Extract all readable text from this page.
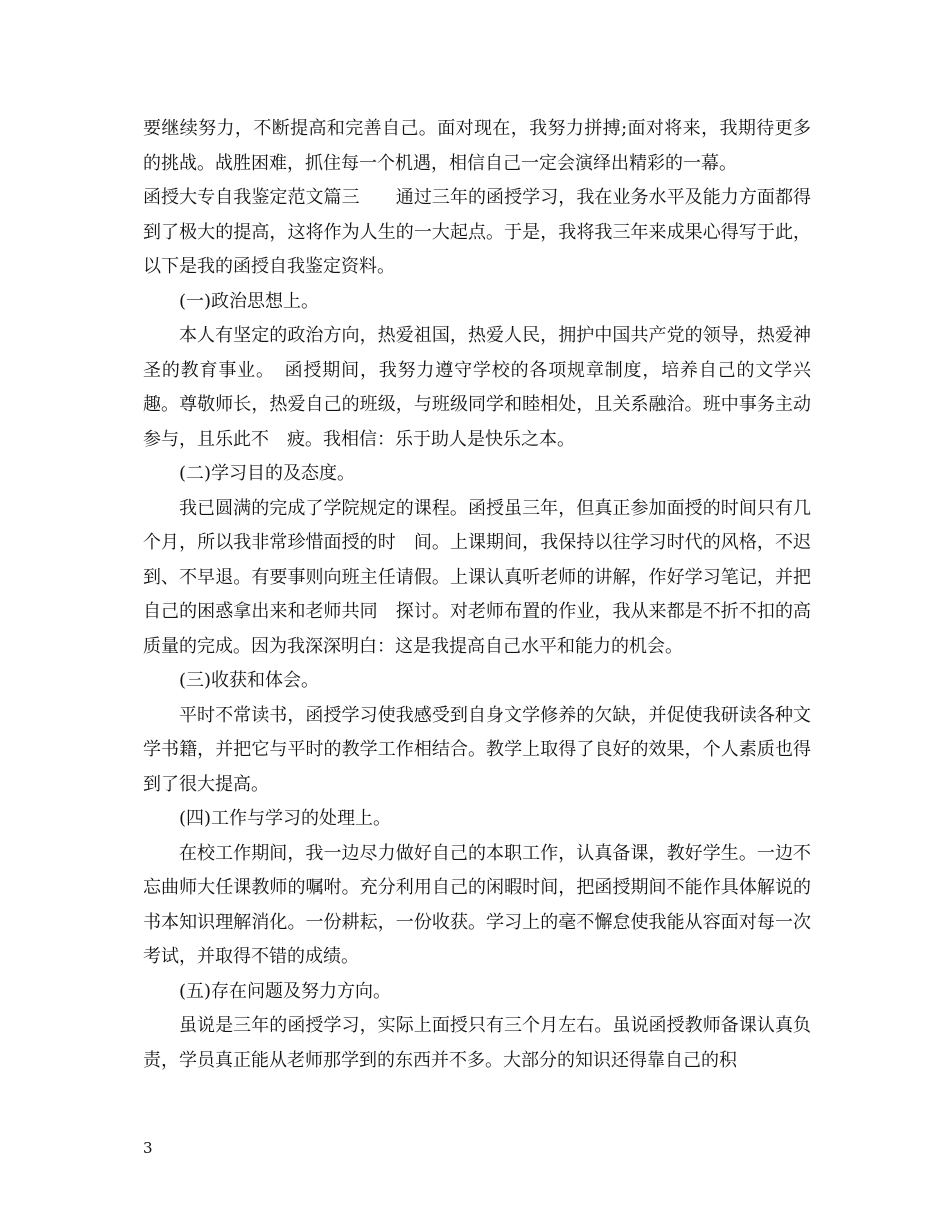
要继续努力，不断提高和完善自己。面对现在，我努力拼搏;面对将来，我期待更多的挑战。战胜困难，抓住每一个机遇，相信自己一定会演绎出精彩的一幕。

函授大专自我鉴定范文篇三　　通过三年的函授学习，我在业务水平及能力方面都得到了极大的提高，这将作为人生的一大起点。于是，我将我三年来成果心得写于此，以下是我的函授自我鉴定资料。

(一)政治思想上。

本人有坚定的政治方向，热爱祖国，热爱人民，拥护中国共产党的领导，热爱神圣的教育事业。　函授期间，我努力遵守学校的各项规章制度，培养自己的文学兴趣。尊敬师长，热爱自己的班级，与班级同学和睦相处，且关系融洽。班中事务主动参与，且乐此不　疲。我相信：乐于助人是快乐之本。

(二)学习目的及态度。

我已圆满的完成了学院规定的课程。函授虽三年，但真正参加面授的时间只有几个月，所以我非常珍惜面授的时　间。上课期间，我保持以往学习时代的风格，不迟到、不早退。有要事则向班主任请假。上课认真听老师的讲解，作好学习笔记，并把自己的困惑拿出来和老师共同　探讨。对老师布置的作业，我从来都是不折不扣的高质量的完成。因为我深深明白：这是我提高自己水平和能力的机会。

(三)收获和体会。

平时不常读书，函授学习使我感受到自身文学修养的欠缺，并促使我研读各种文学书籍，并把它与平时的教学工作相结合。教学上取得了良好的效果，个人素质也得到了很大提高。

(四)工作与学习的处理上。

在校工作期间，我一边尽力做好自己的本职工作，认真备课，教好学生。一边不忘曲师大任课教师的嘱咐。充分利用自己的闲暇时间，把函授期间不能作具体解说的书本知识理解消化。一份耕耘，一份收获。学习上的毫不懈怠使我能从容面对每一次考试，并取得不错的成绩。

(五)存在问题及努力方向。

虽说是三年的函授学习，实际上面授只有三个月左右。虽说函授教师备课认真负责，学员真正能从老师那学到的东西并不多。大部分的知识还得靠自己的积

3
